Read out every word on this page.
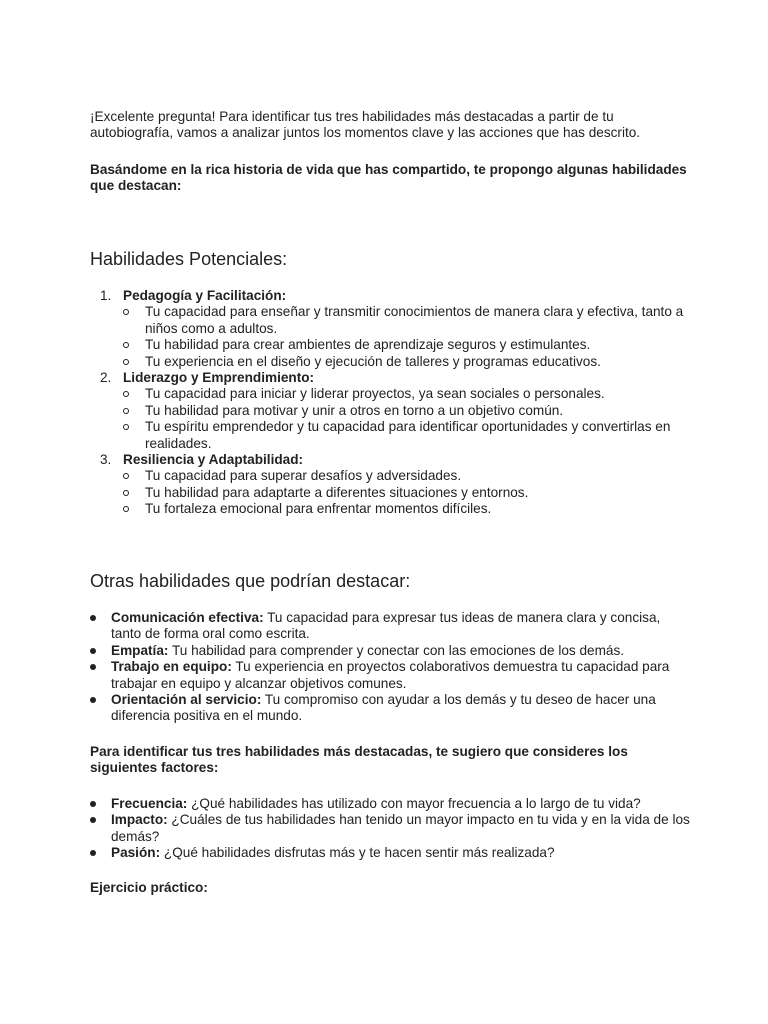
¡Excelente pregunta! Para identificar tus tres habilidades más destacadas a partir de tu autobiografía, vamos a analizar juntos los momentos clave y las acciones que has descrito.

Basándome en la rica historia de vida que has compartido, te propongo algunas habilidades que destacan:

Habilidades Potenciales:
1. Pedagogía y Facilitación:
Tu capacidad para enseñar y transmitir conocimientos de manera clara y efectiva, tanto a niños como a adultos.
Tu habilidad para crear ambientes de aprendizaje seguros y estimulantes.
Tu experiencia en el diseño y ejecución de talleres y programas educativos.
2. Liderazgo y Emprendimiento:
Tu capacidad para iniciar y liderar proyectos, ya sean sociales o personales.
Tu habilidad para motivar y unir a otros en torno a un objetivo común.
Tu espíritu emprendedor y tu capacidad para identificar oportunidades y convertirlas en realidades.
3. Resiliencia y Adaptabilidad:
Tu capacidad para superar desafíos y adversidades.
Tu habilidad para adaptarte a diferentes situaciones y entornos.
Tu fortaleza emocional para enfrentar momentos difíciles.
Otras habilidades que podrían destacar:
Comunicación efectiva: Tu capacidad para expresar tus ideas de manera clara y concisa, tanto de forma oral como escrita.
Empatía: Tu habilidad para comprender y conectar con las emociones de los demás.
Trabajo en equipo: Tu experiencia en proyectos colaborativos demuestra tu capacidad para trabajar en equipo y alcanzar objetivos comunes.
Orientación al servicio: Tu compromiso con ayudar a los demás y tu deseo de hacer una diferencia positiva en el mundo.

Para identificar tus tres habilidades más destacadas, te sugiero que consideres los siguientes factores:

Frecuencia: ¿Qué habilidades has utilizado con mayor frecuencia a lo largo de tu vida?
Impacto: ¿Cuáles de tus habilidades han tenido un mayor impacto en tu vida y en la vida de los demás?
Pasión: ¿Qué habilidades disfrutas más y te hacen sentir más realizada?

Ejercicio práctico:
